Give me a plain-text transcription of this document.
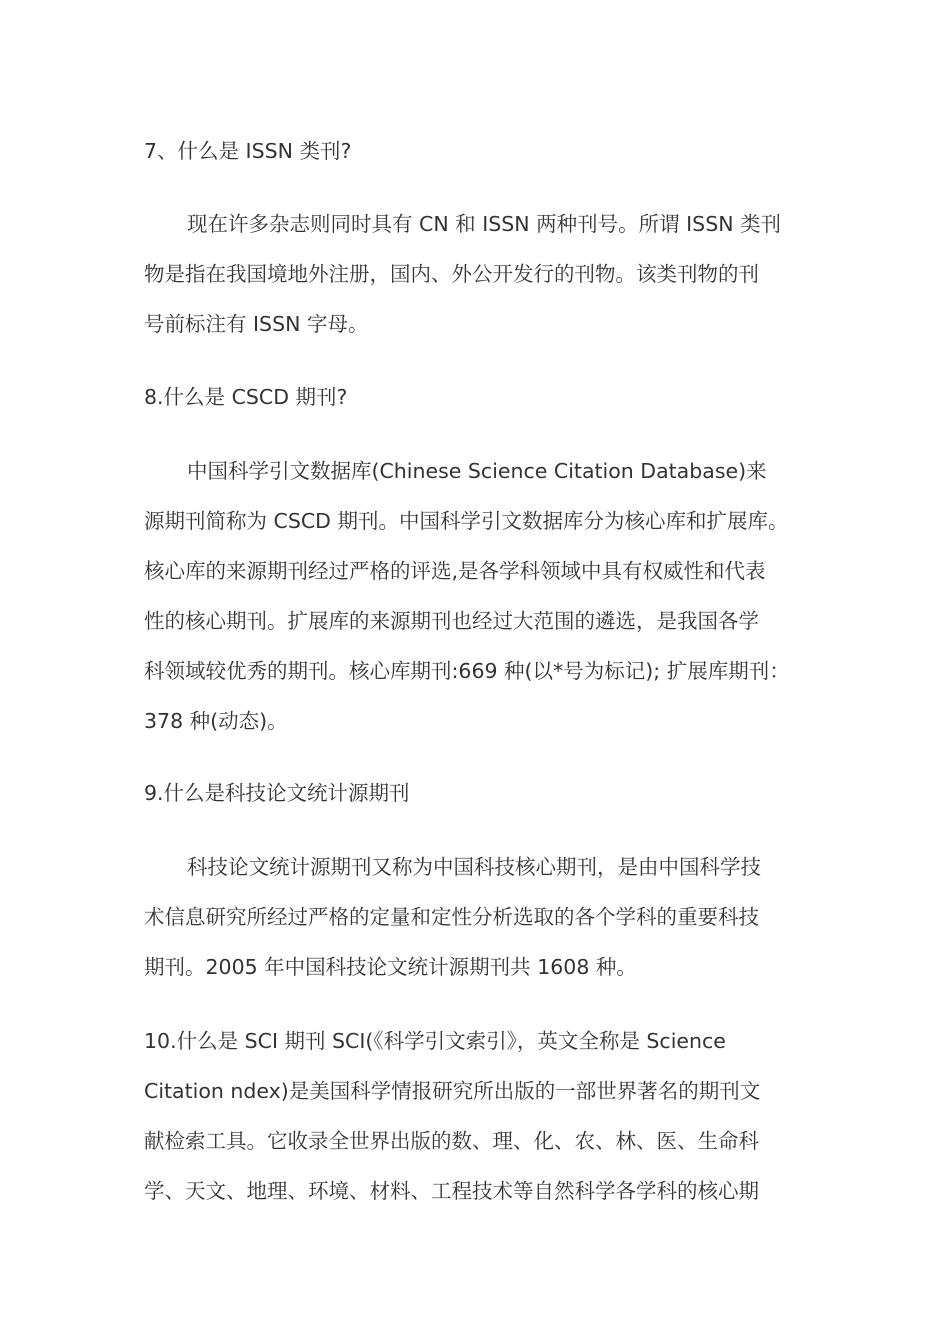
7、什么是 ISSN 类刊?
现在许多杂志则同时具有 CN 和 ISSN 两种刊号。所谓 ISSN 类刊
物是指在我国境地外注册，国内、外公开发行的刊物。该类刊物的刊
号前标注有 ISSN 字母。
8.什么是 CSCD 期刊?
中国科学引文数据库(Chinese Science Citation Database)来
源期刊简称为 CSCD 期刊。中国科学引文数据库分为核心库和扩展库。
核心库的来源期刊经过严格的评选,是各学科领域中具有权威性和代表
性的核心期刊。扩展库的来源期刊也经过大范围的遴选，是我国各学
科领域较优秀的期刊。核心库期刊:669 种(以*号为标记); 扩展库期刊：
378 种(动态)。
9.什么是科技论文统计源期刊
科技论文统计源期刊又称为中国科技核心期刊，是由中国科学技
术信息研究所经过严格的定量和定性分析选取的各个学科的重要科技
期刊。2005 年中国科技论文统计源期刊共 1608 种。
10.什么是 SCI 期刊 SCI(《科学引文索引》，英文全称是 Science
Citation ndex)是美国科学情报研究所出版的一部世界著名的期刊文
献检索工具。它收录全世界出版的数、理、化、农、林、医、生命科
学、天文、地理、环境、材料、工程技术等自然科学各学科的核心期
